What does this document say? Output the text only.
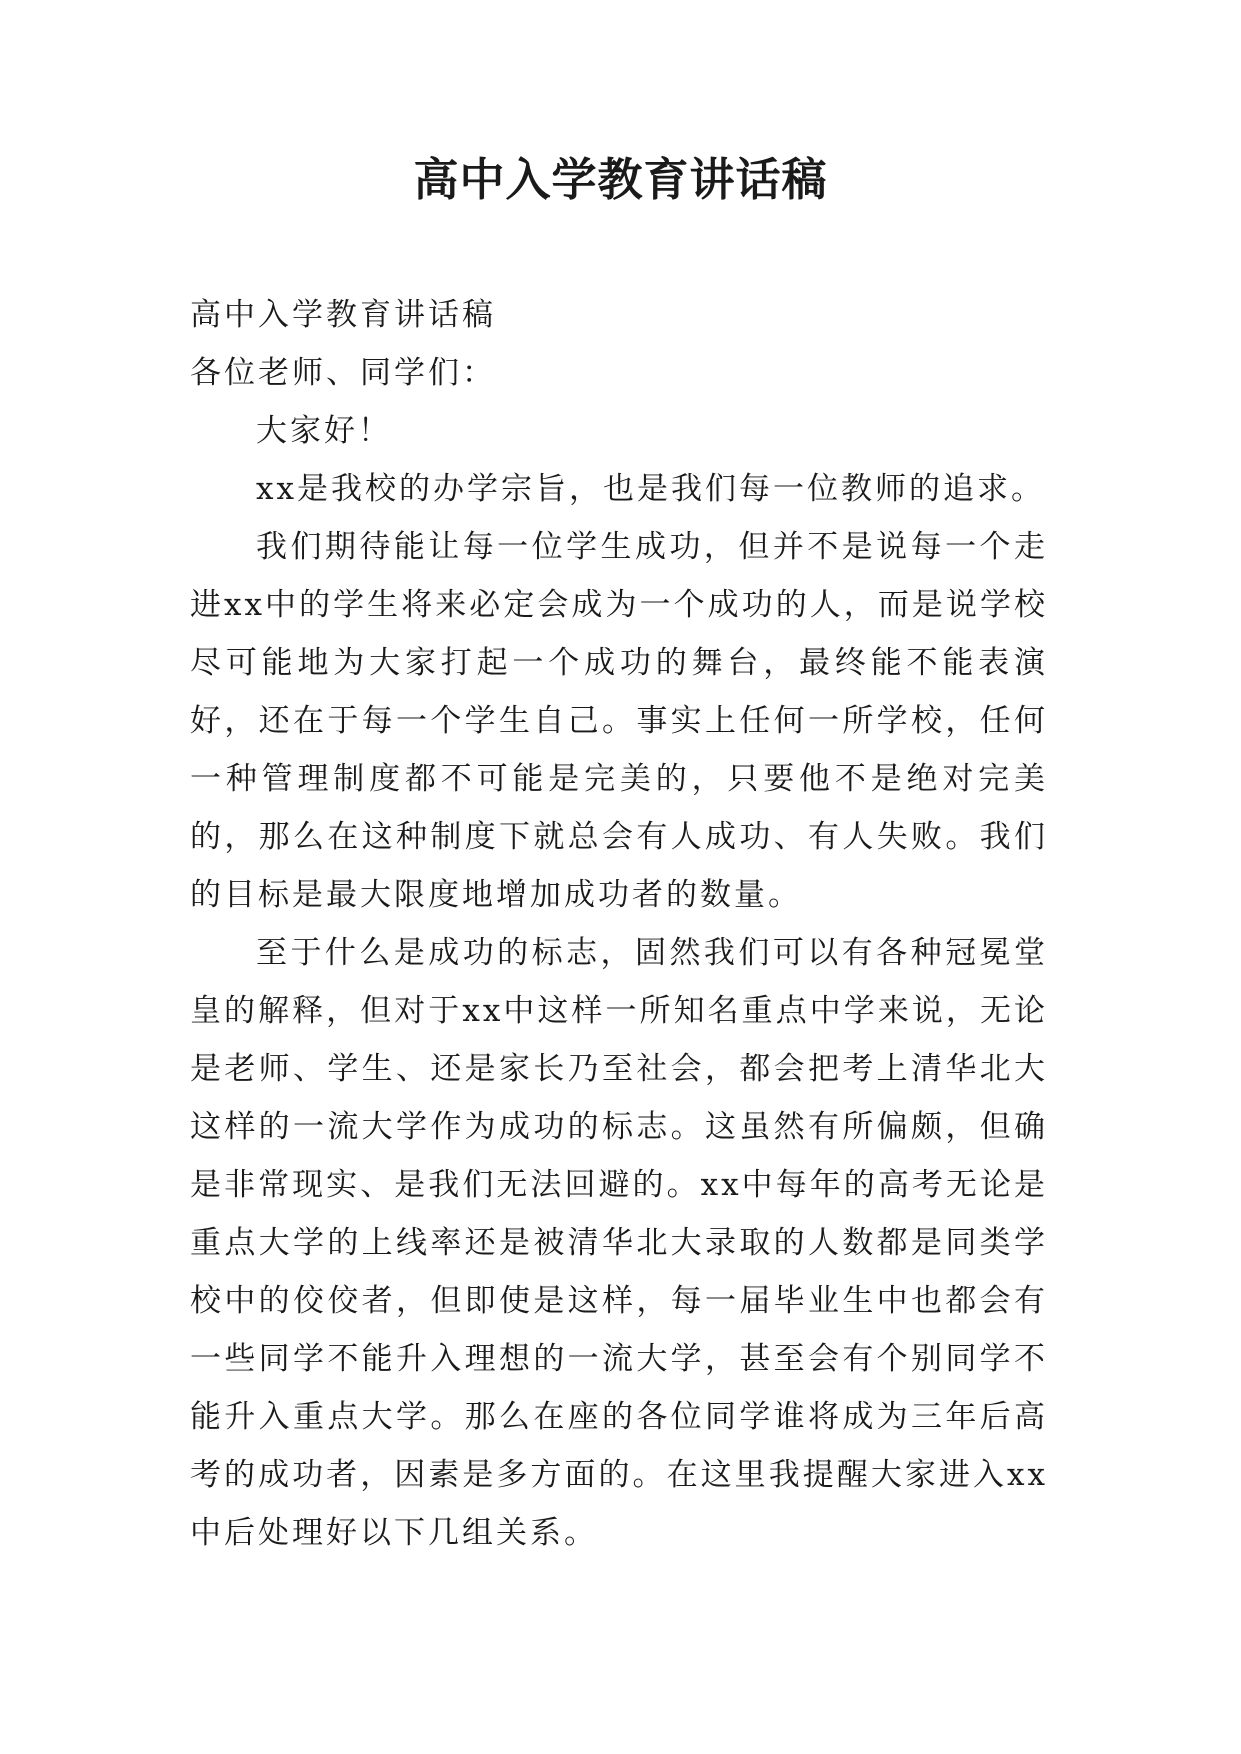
高中入学教育讲话稿

高中入学教育讲话稿

各位老师、同学们：

大家好！

xx是我校的办学宗旨，也是我们每一位教师的追求。

我们期待能让每一位学生成功，但并不是说每一个走进xx中的学生将来必定会成为一个成功的人，而是说学校尽可能地为大家打起一个成功的舞台，最终能不能表演好，还在于每一个学生自己。事实上任何一所学校，任何一种管理制度都不可能是完美的，只要他不是绝对完美的，那么在这种制度下就总会有人成功、有人失败。我们的目标是最大限度地增加成功者的数量。

至于什么是成功的标志，固然我们可以有各种冠冕堂皇的解释，但对于xx中这样一所知名重点中学来说，无论是老师、学生、还是家长乃至社会，都会把考上清华北大这样的一流大学作为成功的标志。这虽然有所偏颇，但确是非常现实、是我们无法回避的。xx中每年的高考无论是重点大学的上线率还是被清华北大录取的人数都是同类学校中的佼佼者，但即使是这样，每一届毕业生中也都会有一些同学不能升入理想的一流大学，甚至会有个别同学不能升入重点大学。那么在座的各位同学谁将成为三年后高考的成功者，因素是多方面的。在这里我提醒大家进入xx中后处理好以下几组关系。
